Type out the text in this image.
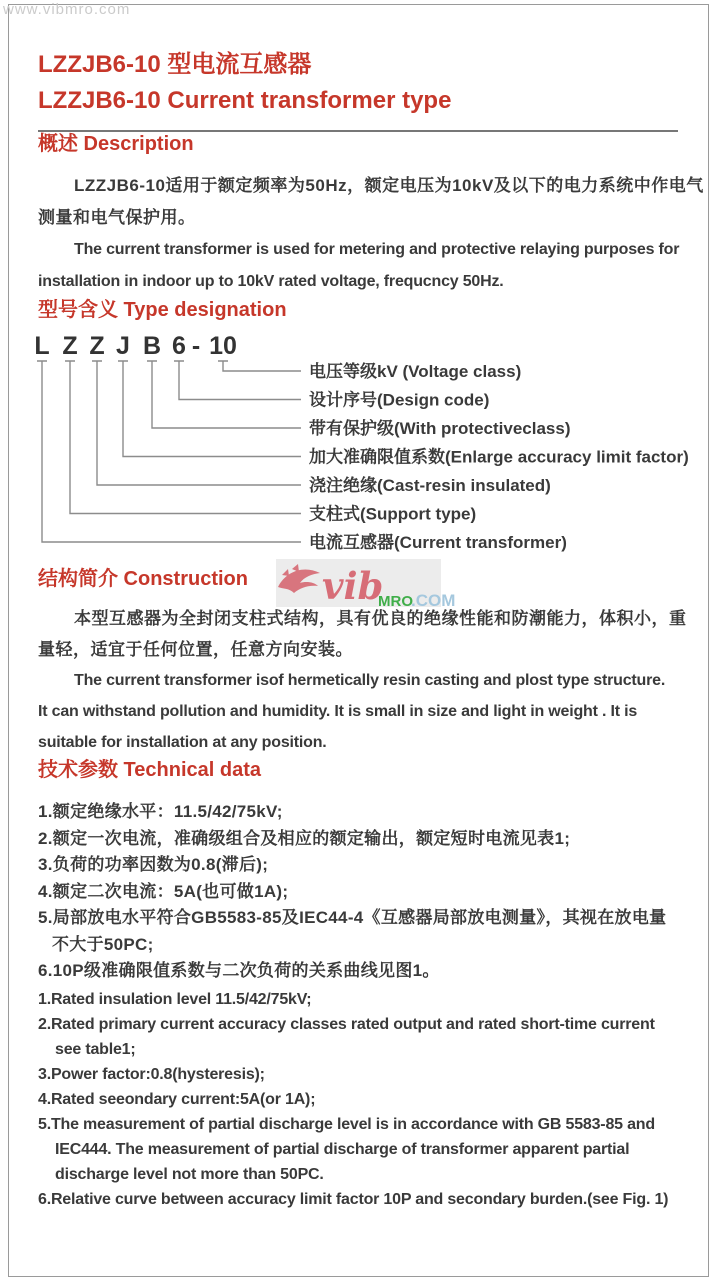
www.vibmro.com
LZZJB6-10 型电流互感器
LZZJB6-10 Current transformer type
概述 Description
LZZJB6-10适用于额定频率为50Hz，额定电压为10kV及以下的电力系统中作电气
测量和电气保护用。
The current transformer is used for metering and protective relaying purposes for
installation in indoor up to 10kV rated voltage, frequcncy 50Hz.
型号含义 Type designation
L Z Z J B 6 - 10
电压等级kV (Voltage class)
设计序号(Design code)
带有保护级(With protectiveclass)
加大准确限值系数(Enlarge accuracy limit factor)
浇注绝缘(Cast-resin insulated)
支柱式(Support type)
电流互感器(Current transformer)
结构简介 Construction	vib
MRO
.COM
本型互感器为全封闭支柱式结构，具有优良的绝缘性能和防潮能力，体积小，重
量轻，适宜于任何位置，任意方向安装。
The current transformer isof hermetically resin casting and plost type structure.
It can withstand pollution and humidity. It is small in size and light in weight . It is
suitable for installation at any position.
技术参数 Technical data
1.额定绝缘水平：11.5/42/75kV;
2.额定一次电流，准确级组合及相应的额定输出，额定短时电流见表1;
3.负荷的功率因数为0.8(滞后);
4.额定二次电流：5A(也可做1A);
5.局部放电水平符合GB5583-85及IEC44-4《互感器局部放电测量》，其视在放电量
不大于50PC;
6.10P级准确限值系数与二次负荷的关系曲线见图1。
1.Rated insulation level 11.5/42/75kV;
2.Rated primary current accuracy classes rated output and rated short-time current
see table1;
3.Power factor:0.8(hysteresis);
4.Rated seeondary current:5A(or 1A);
5.The measurement of partial discharge level is in accordance with GB 5583-85 and
IEC444. The measurement of partial discharge of transformer apparent partial
discharge level not more than 50PC.
6.Relative curve between accuracy limit factor 10P and secondary burden.(see Fig. 1)
